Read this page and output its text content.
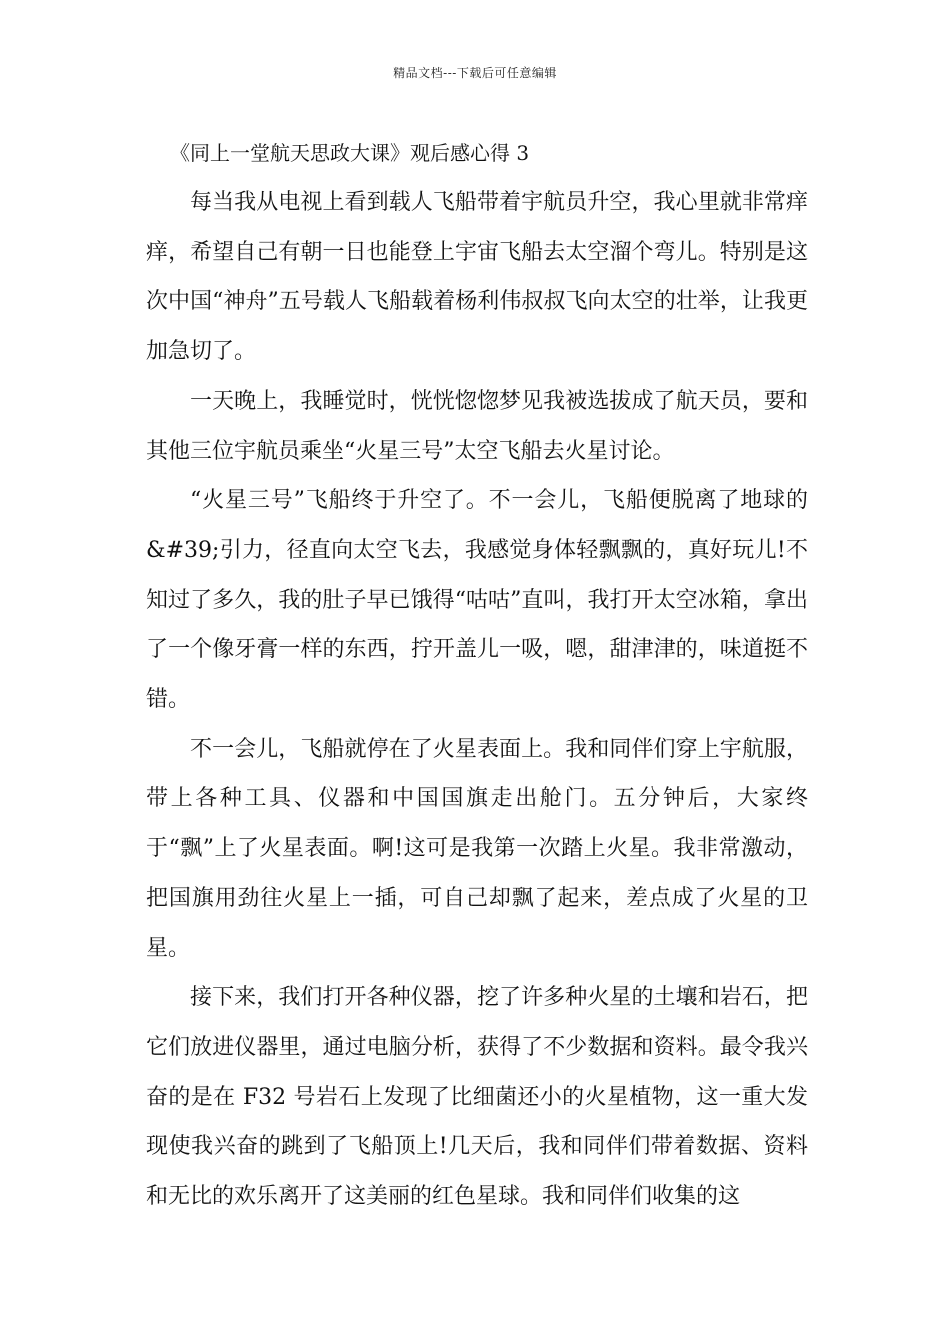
精品文档---下载后可任意编辑
《同上一堂航天思政大课》观后感心得 3

每当我从电视上看到载人飞船带着宇航员升空，我心里就非常痒痒，希望自己有朝一日也能登上宇宙飞船去太空溜个弯儿。特别是这次中国“神舟”五号载人飞船载着杨利伟叔叔飞向太空的壮举，让我更加急切了。

一天晚上，我睡觉时，恍恍惚惚梦见我被选拔成了航天员，要和其他三位宇航员乘坐“火星三号”太空飞船去火星讨论。

“火星三号”飞船终于升空了。不一会儿，飞船便脱离了地球的&#39;引力，径直向太空飞去，我感觉身体轻飘飘的，真好玩儿!不知过了多久，我的肚子早已饿得“咕咕”直叫，我打开太空冰箱，拿出了一个像牙膏一样的东西，拧开盖儿一吸，嗯，甜津津的，味道挺不错。

不一会儿，飞船就停在了火星表面上。我和同伴们穿上宇航服，带上各种工具、仪器和中国国旗走出舱门。五分钟后，大家终于“飘”上了火星表面。啊!这可是我第一次踏上火星。我非常激动，把国旗用劲往火星上一插，可自己却飘了起来，差点成了火星的卫星。

接下来，我们打开各种仪器，挖了许多种火星的土壤和岩石，把它们放进仪器里，通过电脑分析，获得了不少数据和资料。最令我兴奋的是在 F32 号岩石上发现了比细菌还小的火星植物，这一重大发现使我兴奋的跳到了飞船顶上!几天后，我和同伴们带着数据、资料和无比的欢乐离开了这美丽的红色星球。我和同伴们收集的这
